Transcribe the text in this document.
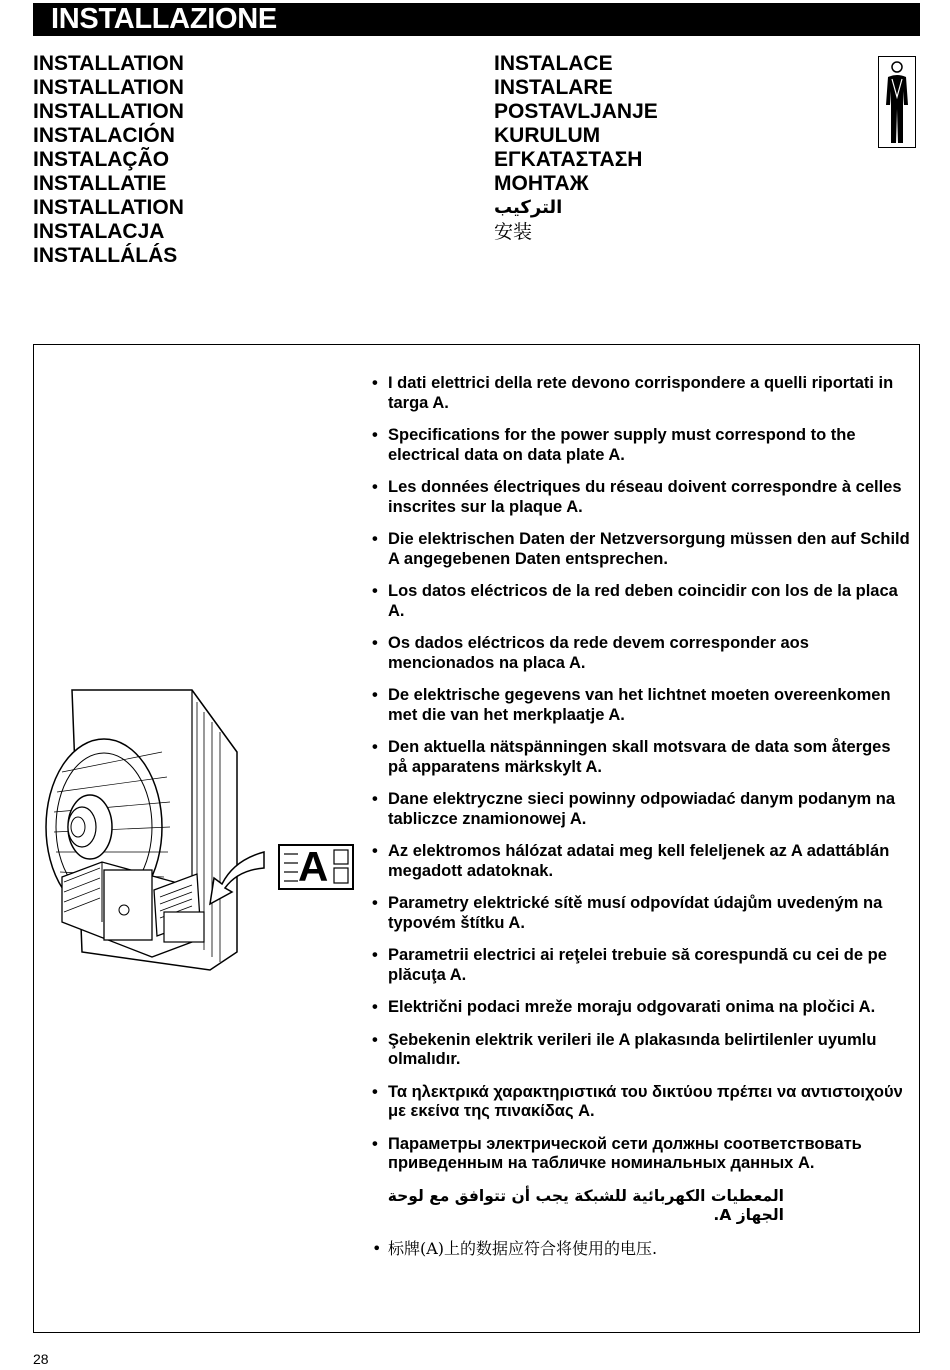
INSTALLAZIONE
INSTALLATION
INSTALLATION
INSTALLATION
INSTALACIÓN
INSTALAÇÃO
INSTALLATIE
INSTALLATION
INSTALACJA
INSTALLÁLÁS
INSTALACE
INSTALARE
POSTAVLJANJE
KURULUM
ΕΓΚΑΤΑΣΤΑΣΗ
МОНТАЖ
التركيب
安装
A
• I dati elettrici della rete devono corrispondere a quelli riportati in targa A.
• Specifications for the power supply must correspond to the electrical data on data plate A.
• Les données électriques du réseau doivent correspondre à celles inscrites sur la plaque A.
• Die elektrischen Daten der Netzversorgung müssen den auf Schild A angegebenen Daten entsprechen.
• Los datos eléctricos de la red deben coincidir con los de la placa A.
• Os dados eléctricos da rede devem corresponder aos mencionados na placa A.
• De elektrische gegevens van het lichtnet moeten overeenkomen met die van het merkplaatje A.
• Den aktuella nätspänningen skall motsvara de data som återges på apparatens märkskylt A.
• Dane elektryczne sieci powinny odpowiadać danym podanym na tabliczce znamionowej A.
• Az elektromos hálózat adatai meg kell feleljenek az A adattáblán megadott adatoknak.
• Parametry elektrické sítě musí odpovídat údajům uvedeným na typovém štítku A.
• Parametrii electrici ai reţelei trebuie să corespundă cu cei de pe plăcuţa A.
• Električni podaci mreže moraju odgovarati onima na pločici A.
• Şebekenin elektrik verileri ile A plakasında belirtilenler uyumlu olmalıdır.
• Τα ηλεκτρικά χαρακτηριστικά του δικτύου πρέπει να αντιστοιχούν με εκείνα της πινακίδας A.
• Параметры электрической сети должны соответствовать приведенным на табличке номинальных данных A.
المعطيات الكهربائية للشبكة يجب أن تتوافق مع لوحة الجهاز A.
• 标牌(A)上的数据应符合将使用的电压.
28
